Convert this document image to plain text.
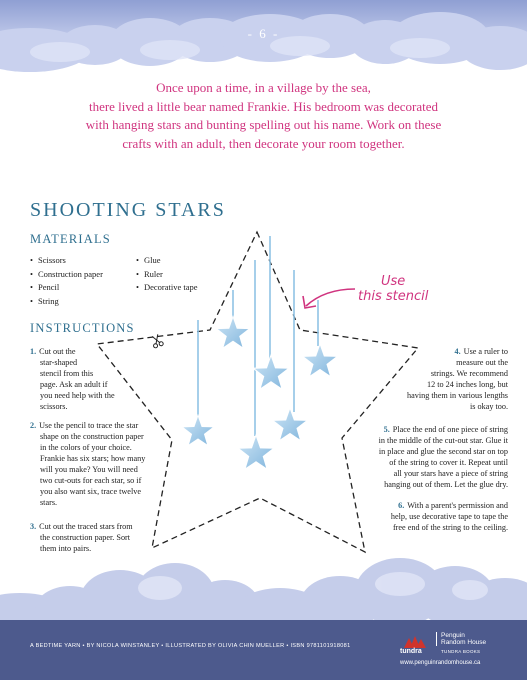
- 6 -
Once upon a time, in a village by the sea,
there lived a little bear named Frankie. His bedroom was decorated
with hanging stars and bunting spelling out his name. Work on these
crafts with an adult, then decorate your room together.
SHOOTING STARS
MATERIALS
• Scissors
• Construction paper
• Pencil
• String
• Glue
• Ruler
• Decorative tape
INSTRUCTIONS
Use
this stencil
1. Cut out the
star-shaped
stencil from this
page. Ask an adult if
you need help with the
scissors.
2. Use the pencil to trace the star
shape on the construction paper
in the colors of your choice.
Frankie has six stars; how many
will you make? You will need
two cut-outs for each star, so if
you also want six, trace twelve
stars.
3. Cut out the traced stars from
the construction paper. Sort
them into pairs.
4. Use a ruler to
measure out the
strings. We recommend
12 to 24 inches long, but
having them in various lengths
is okay too.
5. Place the end of one piece of string
in the middle of the cut-out star. Glue it
in place and glue the second star on top
of the string to cover it. Repeat until
all your stars have a piece of string
hanging out of them. Let the glue dry.
6. With a parent's permission and
help, use decorative tape to tape the
free end of the string to the ceiling.
A BEDTIME YARN • BY NICOLA WINSTANLEY • ILLUSTRATED BY OLIVIA CHIN MUELLER • ISBN 9781101918081
tundra
Penguin
Random House
TUNDRA BOOKS
www.penguinrandomhouse.ca
